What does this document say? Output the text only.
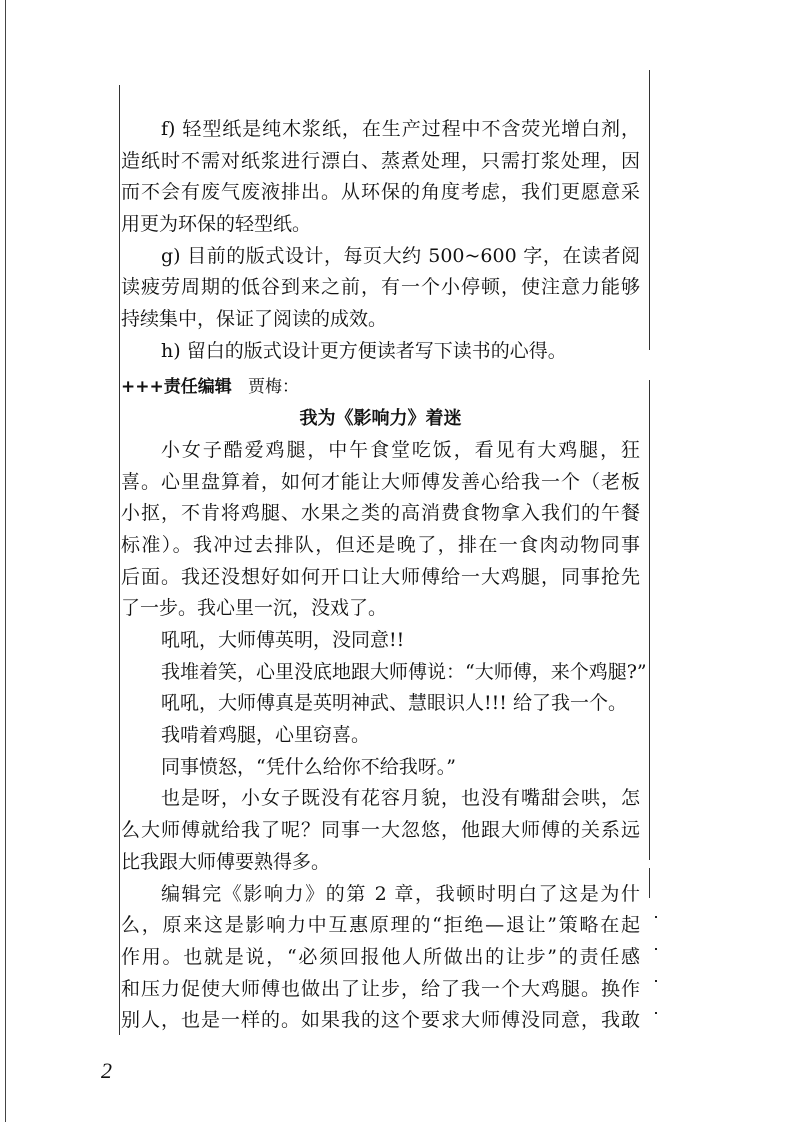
f) 轻型纸是纯木浆纸，在生产过程中不含荧光增白剂，
造纸时不需对纸浆进行漂白、蒸煮处理，只需打浆处理，因
而不会有废气废液排出。从环保的角度考虑，我们更愿意采
用更为环保的轻型纸。
g) 目前的版式设计，每页大约 500~600 字，在读者阅
读疲劳周期的低谷到来之前，有一个小停顿，使注意力能够
持续集中，保证了阅读的成效。
h) 留白的版式设计更方便读者写下读书的心得。
+++责任编辑 贾梅：
我为《影响力》着迷
小女子酷爱鸡腿，中午食堂吃饭，看见有大鸡腿，狂
喜。心里盘算着，如何才能让大师傅发善心给我一个（老板
小抠，不肯将鸡腿、水果之类的高消费食物拿入我们的午餐
标准）。我冲过去排队，但还是晚了，排在一食肉动物同事
后面。我还没想好如何开口让大师傅给一大鸡腿，同事抢先
了一步。我心里一沉，没戏了。
吼吼，大师傅英明，没同意!!
我堆着笑，心里没底地跟大师傅说：“大师傅，来个鸡腿?”
吼吼，大师傅真是英明神武、慧眼识人!!! 给了我一个。
我啃着鸡腿，心里窃喜。
同事愤怒，“凭什么给你不给我呀。”
也是呀，小女子既没有花容月貌，也没有嘴甜会哄，怎
么大师傅就给我了呢？同事一大忽悠，他跟大师傅的关系远
比我跟大师傅要熟得多。
编辑完《影响力》的第 2 章，我顿时明白了这是为什
么，原来这是影响力中互惠原理的“拒绝—退让”策略在起
作用。也就是说，“必须回报他人所做出的让步”的责任感
和压力促使大师傅也做出了让步，给了我一个大鸡腿。换作
别人，也是一样的。如果我的这个要求大师傅没同意，我敢
2
